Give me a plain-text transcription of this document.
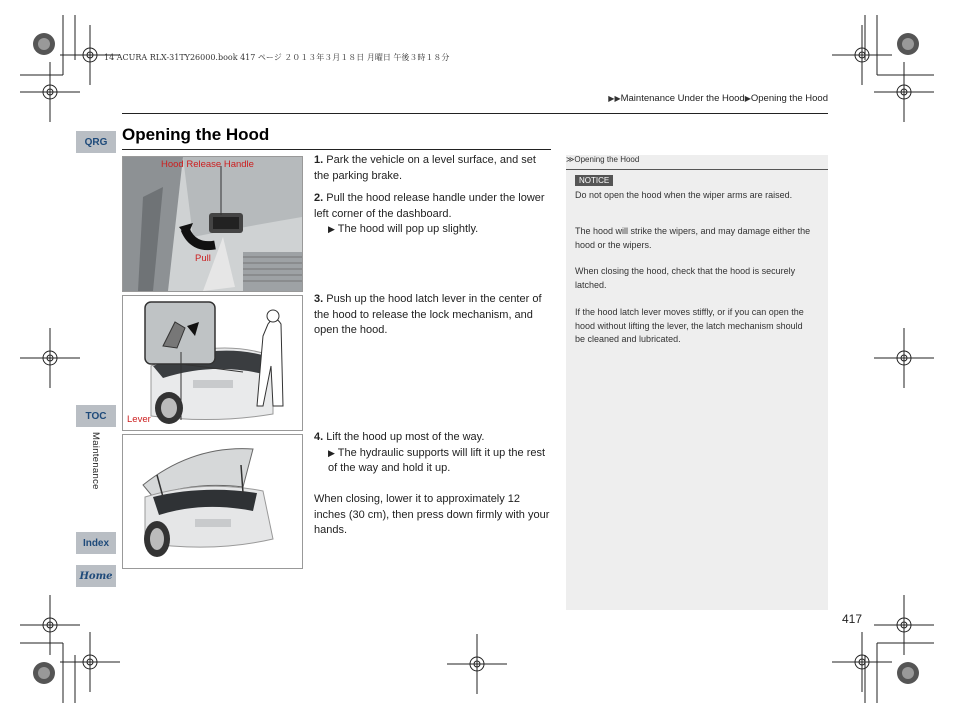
14 ACURA RLX-31TY26000.book 417 ページ ２０１３年３月１８日 月曜日 午後３時１８分
▶▶Maintenance Under the Hood▶Opening the Hood
Opening the Hood
QRG
TOC
Maintenance
Index
Home
Hood Release Handle
Pull
Lever
1. Park the vehicle on a level surface, and set the parking brake.
2. Pull the hood release handle under the lower left corner of the dashboard.
▶ The hood will pop up slightly.
3. Push up the hood latch lever in the center of the hood to release the lock mechanism, and open the hood.
4. Lift the hood up most of the way.
▶ The hydraulic supports will lift it up the rest of the way and hold it up.
When closing, lower it to approximately 12 inches (30 cm), then press down firmly with your hands.
≫Opening the Hood
NOTICE
Do not open the hood when the wiper arms are raised.
The hood will strike the wipers, and may damage either the hood or the wipers.
When closing the hood, check that the hood is securely latched.
If the hood latch lever moves stiffly, or if you can open the hood without lifting the lever, the latch mechanism should be cleaned and lubricated.
417
